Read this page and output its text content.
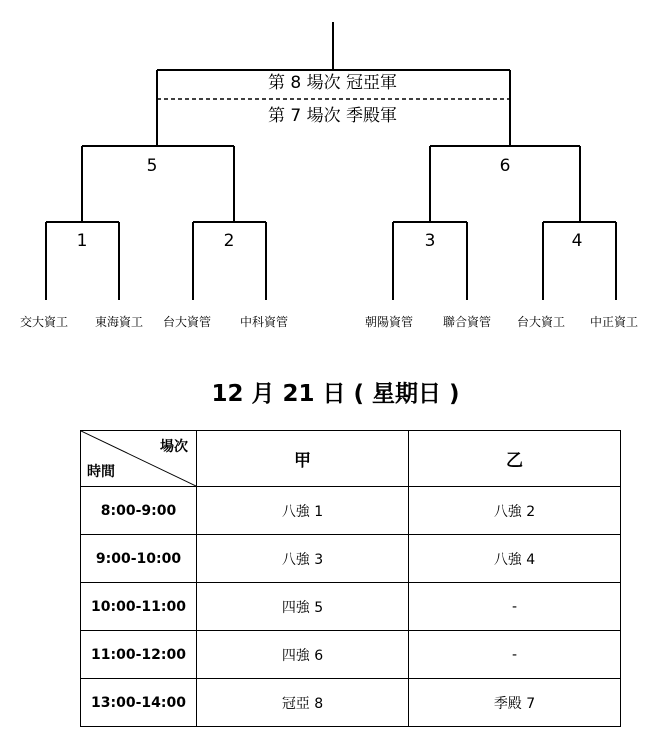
第 8 場次 冠亞軍
第 7 場次 季殿軍
5	6
1	2	3	4
交大資工	東海資工	台大資管	中科資管	朝陽資管	聯合資管	台大資工	中正資工
12 月 21 日 ( 星期日 )
場次
時間	甲	乙
8:00-9:00	八強 1	八強 2
9:00-10:00	八強 3	八強 4
10:00-11:00	四強 5	-
11:00-12:00	四強 6	-
13:00-14:00	冠亞 8	季殿 7
